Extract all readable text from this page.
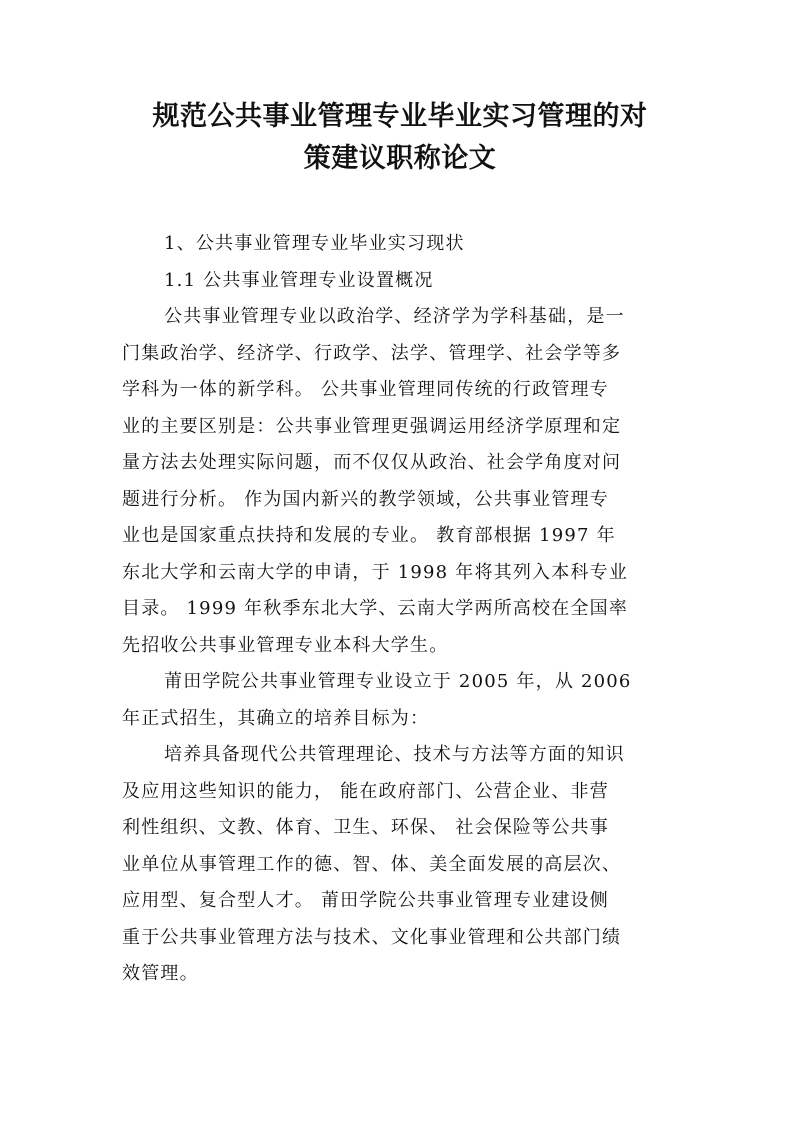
规范公共事业管理专业毕业实习管理的对
策建议职称论文
1、公共事业管理专业毕业实习现状
1.1 公共事业管理专业设置概况
公共事业管理专业以政治学、经济学为学科基础，是一
门集政治学、经济学、行政学、法学、管理学、社会学等多
学科为一体的新学科。 公共事业管理同传统的行政管理专
业的主要区别是：公共事业管理更强调运用经济学原理和定
量方法去处理实际问题，而不仅仅从政治、社会学角度对问
题进行分析。 作为国内新兴的教学领域，公共事业管理专
业也是国家重点扶持和发展的专业。 教育部根据 1997 年
东北大学和云南大学的申请，于 1998 年将其列入本科专业
目录。 1999 年秋季东北大学、云南大学两所高校在全国率
先招收公共事业管理专业本科大学生。
莆田学院公共事业管理专业设立于 2005 年，从 2006
年正式招生，其确立的培养目标为：
培养具备现代公共管理理论、技术与方法等方面的知识
及应用这些知识的能力， 能在政府部门、公营企业、非营
利性组织、文教、体育、卫生、环保、 社会保险等公共事
业单位从事管理工作的德、智、体、美全面发展的高层次、
应用型、复合型人才。 莆田学院公共事业管理专业建设侧
重于公共事业管理方法与技术、文化事业管理和公共部门绩
效管理。
